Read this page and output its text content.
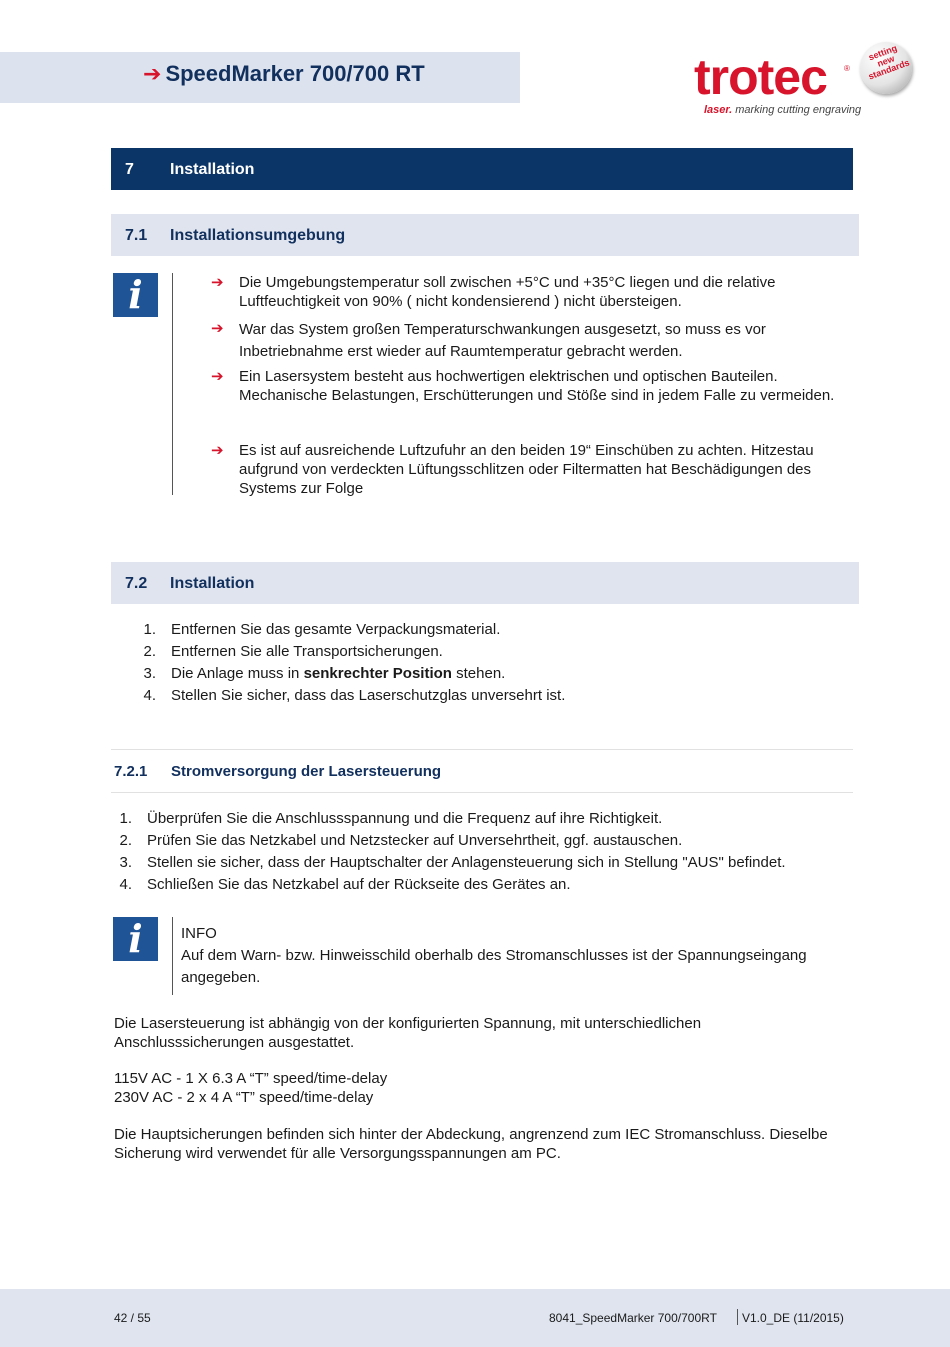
➔ SpeedMarker 700/700 RT	trotec ®
setting
new
standards
laser. marking cutting engraving
7 Installation
7.1 Installationsumgebung
i	➔ Die Umgebungstemperatur soll zwischen +5°C und +35°C liegen und die relative Luftfeuchtigkeit von 90% ( nicht kondensierend ) nicht übersteigen.
➔ War das System großen Temperaturschwankungen ausgesetzt, so muss es vor Inbetriebnahme erst wieder auf Raumtemperatur gebracht werden.
➔ Ein Lasersystem besteht aus hochwertigen elektrischen und optischen Bauteilen. Mechanische Belastungen, Erschütterungen und Stöße sind in jedem Falle zu vermeiden.
➔ Es ist auf ausreichende Luftzufuhr an den beiden 19“ Einschüben zu achten. Hitzestau aufgrund von verdeckten Lüftungsschlitzen oder Filtermatten hat Beschädigungen des Systems zur Folge
7.2 Installation
1. Entfernen Sie das gesamte Verpackungsmaterial.
2. Entfernen Sie alle Transportsicherungen.
3. Die Anlage muss in senkrechter Position stehen.
4. Stellen Sie sicher, dass das Laserschutzglas unversehrt ist.
7.2.1 Stromversorgung der Lasersteuerung
1. Überprüfen Sie die Anschlussspannung und die Frequenz auf ihre Richtigkeit.
2. Prüfen Sie das Netzkabel und Netzstecker auf Unversehrtheit, ggf. austauschen.
3. Stellen sie sicher, dass der Hauptschalter der Anlagensteuerung sich in Stellung "AUS" befindet.
4. Schließen Sie das Netzkabel auf der Rückseite des Gerätes an.
i	INFO
Auf dem Warn- bzw. Hinweisschild oberhalb des Stromanschlusses ist der Spannungseingang angegeben.
Die Lasersteuerung ist abhängig von der konfigurierten Spannung, mit unterschiedlichen Anschlusssicherungen ausgestattet.
115V AC - 1 X 6.3 A “T” speed/time-delay
230V AC - 2 x 4 A “T” speed/time-delay
Die Hauptsicherungen befinden sich hinter der Abdeckung, angrenzend zum IEC Stromanschluss. Dieselbe Sicherung wird verwendet für alle Versorgungsspannungen am PC.
42 / 55	8041_SpeedMarker 700/700RT V1.0_DE (11/2015)
